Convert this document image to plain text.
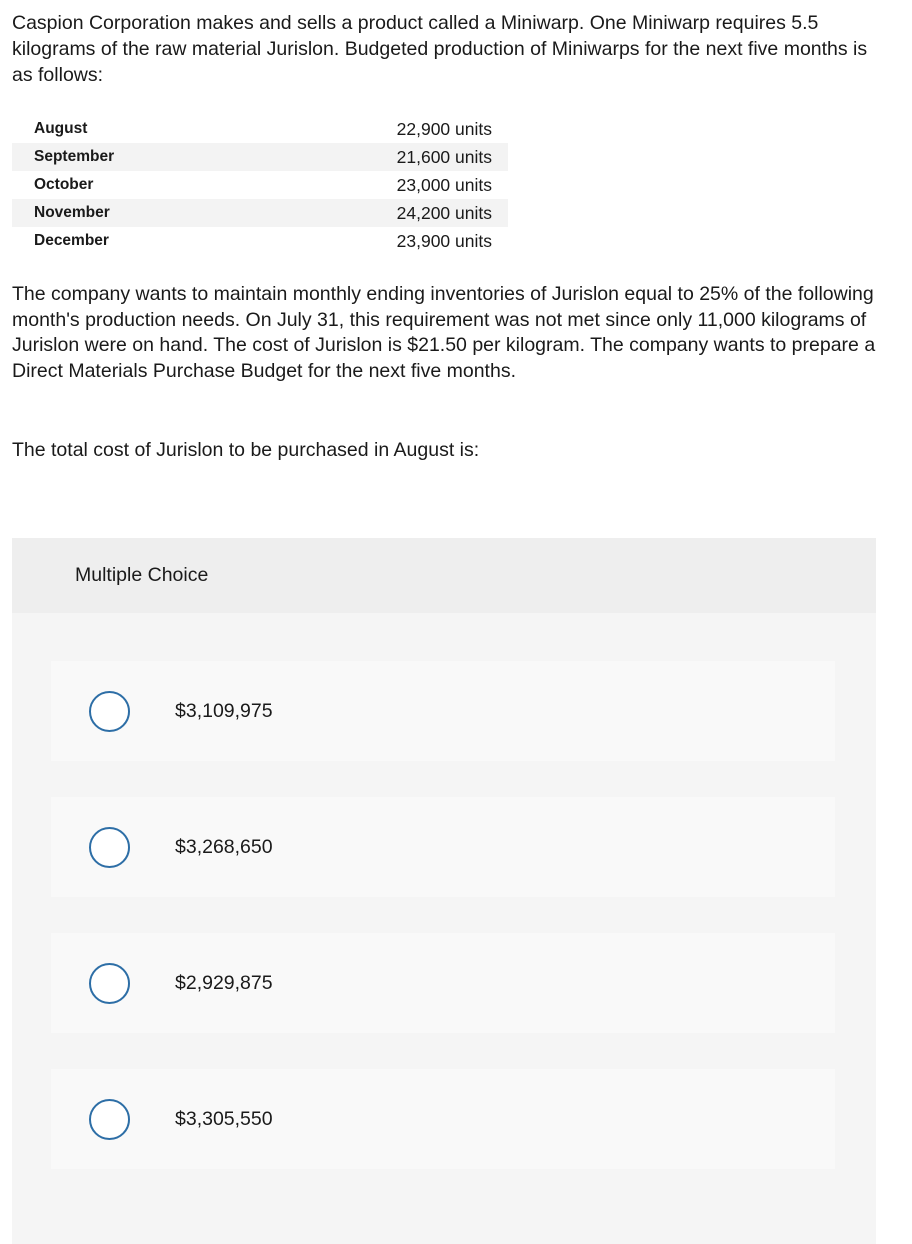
Caspion Corporation makes and sells a product called a Miniwarp. One Miniwarp requires 5.5 kilograms of the raw material Jurislon. Budgeted production of Miniwarps for the next five months is as follows:

August	22,900 units
September	21,600 units
October	23,000 units
November	24,200 units
December	23,900 units

The company wants to maintain monthly ending inventories of Jurislon equal to 25% of the following month's production needs. On July 31, this requirement was not met since only 11,000 kilograms of Jurislon were on hand. The cost of Jurislon is $21.50 per kilogram. The company wants to prepare a Direct Materials Purchase Budget for the next five months.

The total cost of Jurislon to be purchased in August is:

Multiple Choice
$3,109,975
$3,268,650
$2,929,875
$3,305,550
